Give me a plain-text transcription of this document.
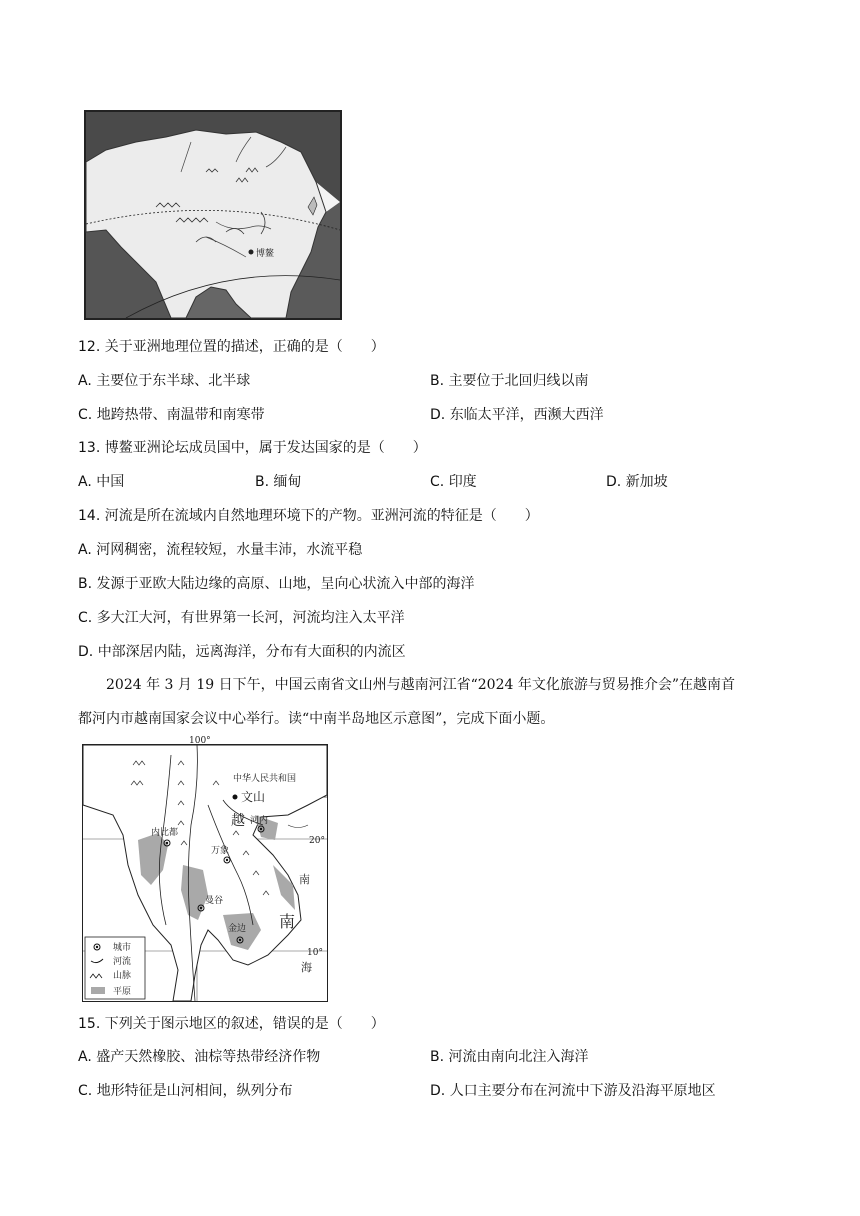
博鳌
12. 关于亚洲地理位置的描述，正确的是（　　）
A. 主要位于东半球、北半球	B. 主要位于北回归线以南
C. 地跨热带、南温带和南寒带	D. 东临太平洋，西濒大西洋
13. 博鳌亚洲论坛成员国中，属于发达国家的是（　　）
A. 中国	B. 缅甸	C. 印度	D. 新加坡
14. 河流是所在流域内自然地理环境下的产物。亚洲河流的特征是（　　）
A. 河网稠密，流程较短，水量丰沛，水流平稳
B. 发源于亚欧大陆边缘的高原、山地，呈向心状流入中部的海洋
C. 多大江大河，有世界第一长河，河流均注入太平洋
D. 中部深居内陆，远离海洋，分布有大面积的内流区
2024 年 3 月 19 日下午，中国云南省文山州与越南河江省“2024 年文化旅游与贸易推介会”在越南首
都河内市越南国家会议中心举行。读“中南半岛地区示意图”，完成下面小题。
100°
20°
10°
中华人民共和国
文山
河内
内比都
万象
曼谷
金边
越
南
南
海
城市
河流
山脉
平原
15. 下列关于图示地区的叙述，错误的是（　　）
A. 盛产天然橡胶、油棕等热带经济作物	B. 河流由南向北注入海洋
C. 地形特征是山河相间，纵列分布	D. 人口主要分布在河流中下游及沿海平原地区
